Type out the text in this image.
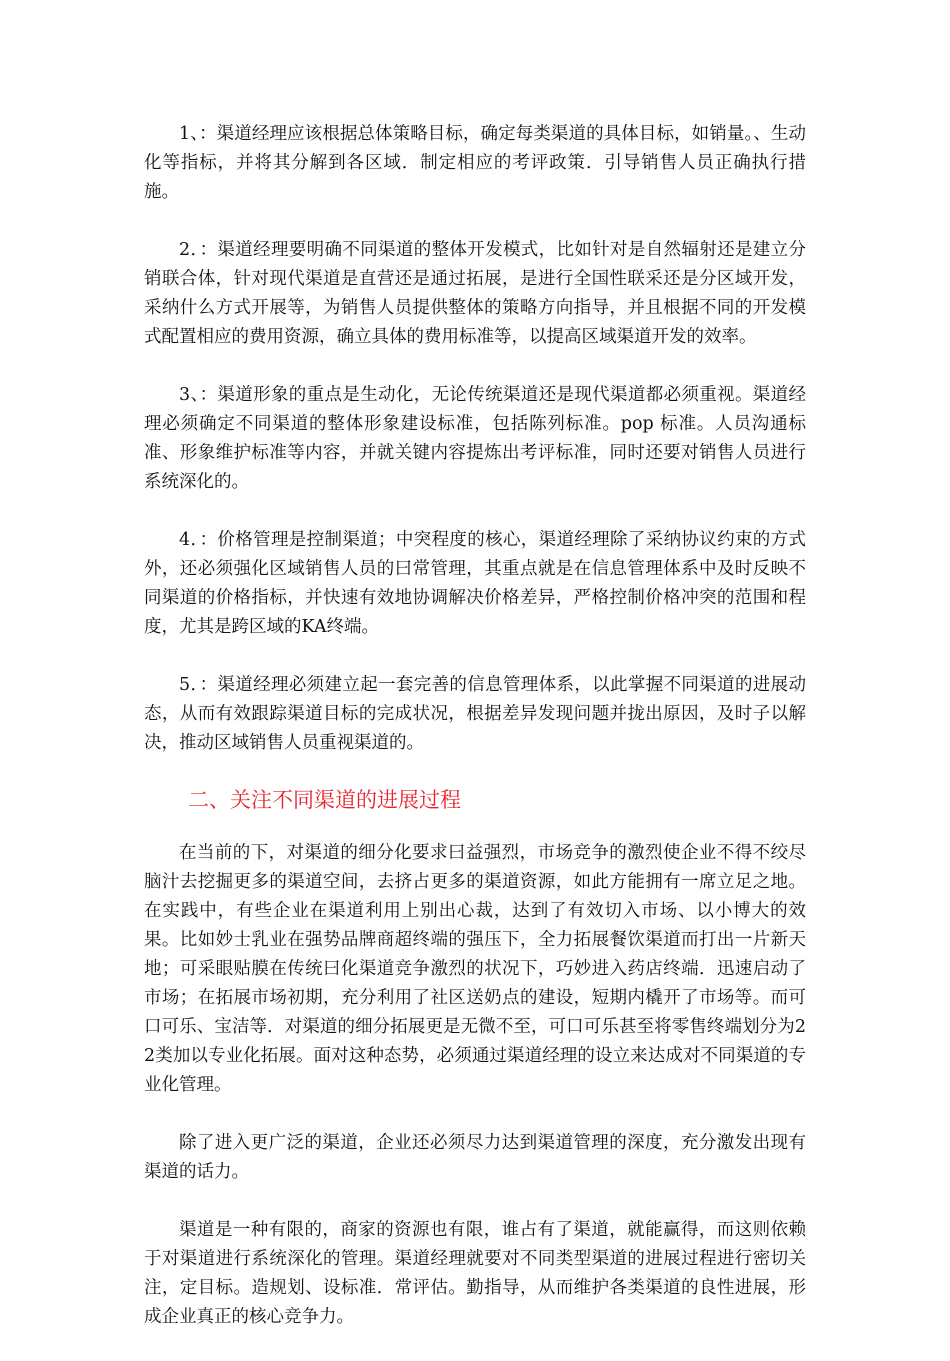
1、：渠道经理应该根据总体策略目标，确定每类渠道的具体目标，如销量。、生动化等指标，并将其分解到各区域．制定相应的考评政策．引导销售人员正确执行措施。

2．：渠道经理要明确不同渠道的整体开发模式，比如针对是自然辐射还是建立分销联合体，针对现代渠道是直营还是通过拓展，是进行全国性联采还是分区域开发，采纳什么方式开展等，为销售人员提供整体的策略方向指导，并且根据不同的开发模式配置相应的费用资源，确立具体的费用标准等，以提高区域渠道开发的效率。

3、：渠道形象的重点是生动化，无论传统渠道还是现代渠道都必须重视。渠道经理必须确定不同渠道的整体形象建设标准，包括陈列标准。pop 标准。人员沟通标准、形象维护标准等内容，并就关键内容提炼出考评标准，同时还要对销售人员进行系统深化的。

4．：价格管理是控制渠道；中突程度的核心，渠道经理除了采纳协议约束的方式外，还必须强化区域销售人员的曰常管理，其重点就是在信息管理体系中及时反映不同渠道的价格指标，并快速有效地协调解决价格差异，严格控制价格冲突的范围和程度，尤其是跨区域的KA终端。

5．：渠道经理必须建立起一套完善的信息管理体系，以此掌握不同渠道的进展动态，从而有效跟踪渠道目标的完成状况，根据差异发现问题并拢出原因，及时子以解决，推动区域销售人员重视渠道的。

二、关注不同渠道的进展过程

在当前的下，对渠道的细分化要求曰益强烈，市场竞争的激烈使企业不得不绞尽脑汁去挖掘更多的渠道空间，去挤占更多的渠道资源，如此方能拥有一席立足之地。在实践中，有些企业在渠道利用上别出心裁，达到了有效切入市场、以小博大的效果。比如妙士乳业在强势品牌商超终端的强压下，全力拓展餐饮渠道而打出一片新天地；可采眼贴膜在传统曰化渠道竞争激烈的状况下，巧妙进入药店终端．迅速启动了市场；在拓展市场初期，充分利用了社区送奶点的建设，短期内橇开了市场等。而可口可乐、宝洁等．对渠道的细分拓展更是无微不至，可口可乐甚至将零售终端划分为22类加以专业化拓展。面对这种态势，必须通过渠道经理的设立来达成对不同渠道的专业化管理。

除了进入更广泛的渠道，企业还必须尽力达到渠道管理的深度，充分激发出现有渠道的话力。

渠道是一种有限的，商家的资源也有限，谁占有了渠道，就能赢得，而这则依赖于对渠道进行系统深化的管理。渠道经理就要对不同类型渠道的进展过程进行密切关注，定目标。造规划、设标准．常评估。勤指导，从而维护各类渠道的良性进展，形成企业真正的核心竞争力。
